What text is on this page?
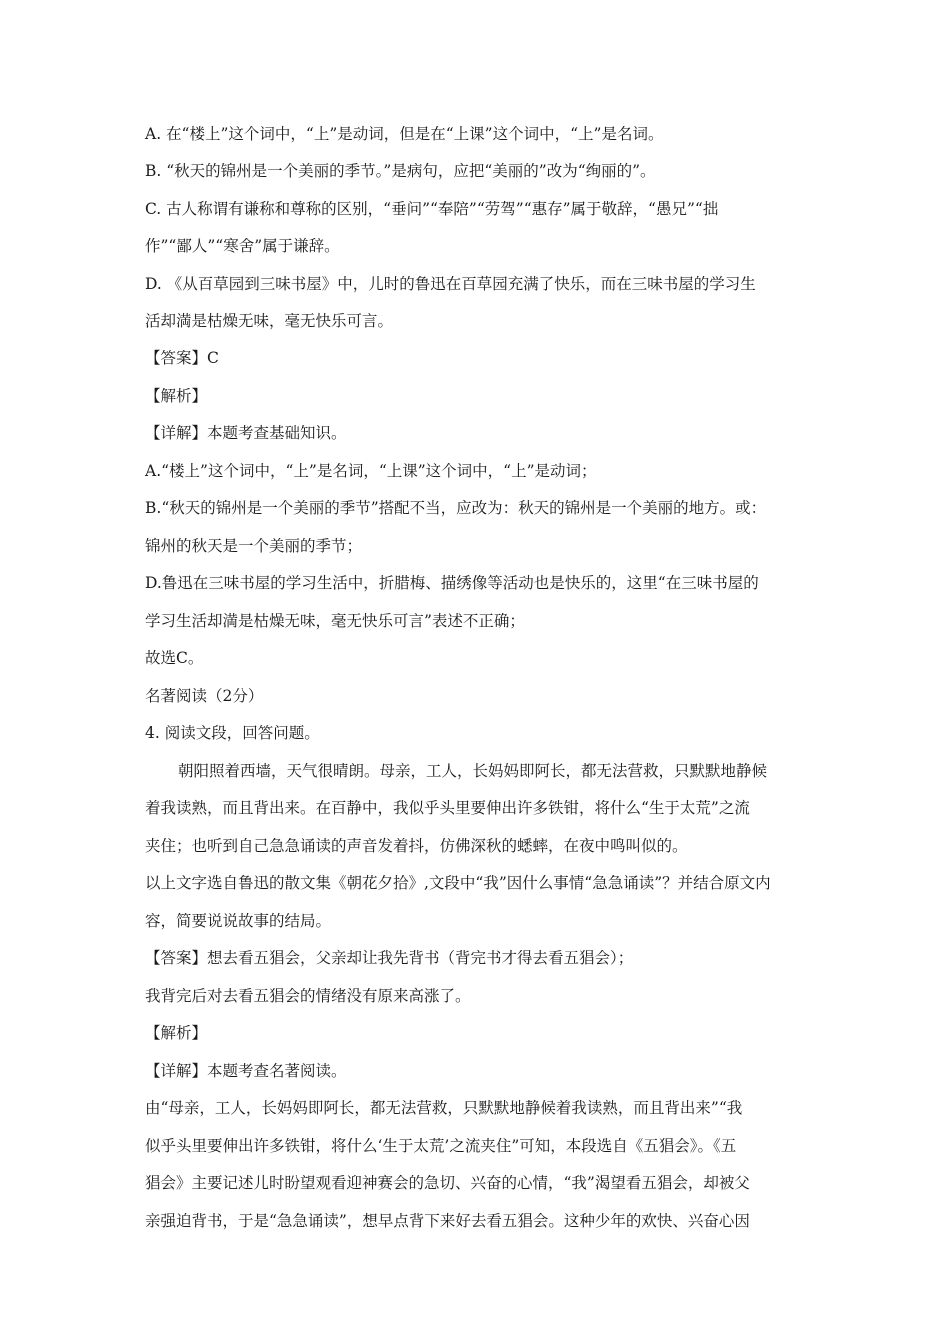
A. 在“楼上”这个词中，“上”是动词，但是在“上课”这个词中，“上”是名词。
B. “秋天的锦州是一个美丽的季节。”是病句，应把“美丽的”改为“绚丽的”。
C. 古人称谓有谦称和尊称的区别，“垂问”“奉陪”“劳驾”“惠存”属于敬辞，“愚兄”“拙
作”“鄙人”“寒舍”属于谦辞。
D. 《从百草园到三味书屋》中，儿时的鲁迅在百草园充满了快乐，而在三味书屋的学习生
活却満是枯燥无味，毫无快乐可言。
【答案】C
【解析】
【详解】本题考查基础知识。
A.“楼上”这个词中，“上”是名词，“上课”这个词中，“上”是动词；
B.“秋天的锦州是一个美丽的季节”搭配不当，应改为：秋天的锦州是一个美丽的地方。或：
锦州的秋天是一个美丽的季节；
D.鲁迅在三味书屋的学习生活中，折腊梅、描绣像等活动也是快乐的，这里“在三味书屋的
学习生活却満是枯燥无味，毫无快乐可言”表述不正确；
故选C。
名著阅读（2分）
4. 阅读文段，回答问题。
朝阳照着西墙，天气很晴朗。母亲，工人，长妈妈即阿长，都无法营救，只默默地静候
着我读熟，而且背出来。在百静中，我似乎头里要伸出许多铁钳，将什么“生于太荒”之流
夹住；也听到自己急急诵读的声音发着抖，仿佛深秋的蟋蟀，在夜中鸣叫似的。
以上文字选自鲁迅的散文集《朝花夕拾》,文段中“我”因什么事情“急急诵读”？并结合原文内
容，简要说说故事的结局。
【答案】想去看五猖会，父亲却让我先背书（背完书才得去看五猖会）；
我背完后对去看五猖会的情绪没有原来高涨了。
【解析】
【详解】本题考查名著阅读。
由“母亲，工人，长妈妈即阿长，都无法营救，只默默地静候着我读熟，而且背出来”“我
似乎头里要伸出许多铁钳，将什么‘生于太荒’之流夹住”可知，本段选自《五猖会》。《五
猖会》主要记述儿时盼望观看迎神赛会的急切、兴奋的心情，“我”渴望看五猖会，却被父
亲强迫背书，于是“急急诵读”，想早点背下来好去看五猖会。这种少年的欢快、兴奋心因
